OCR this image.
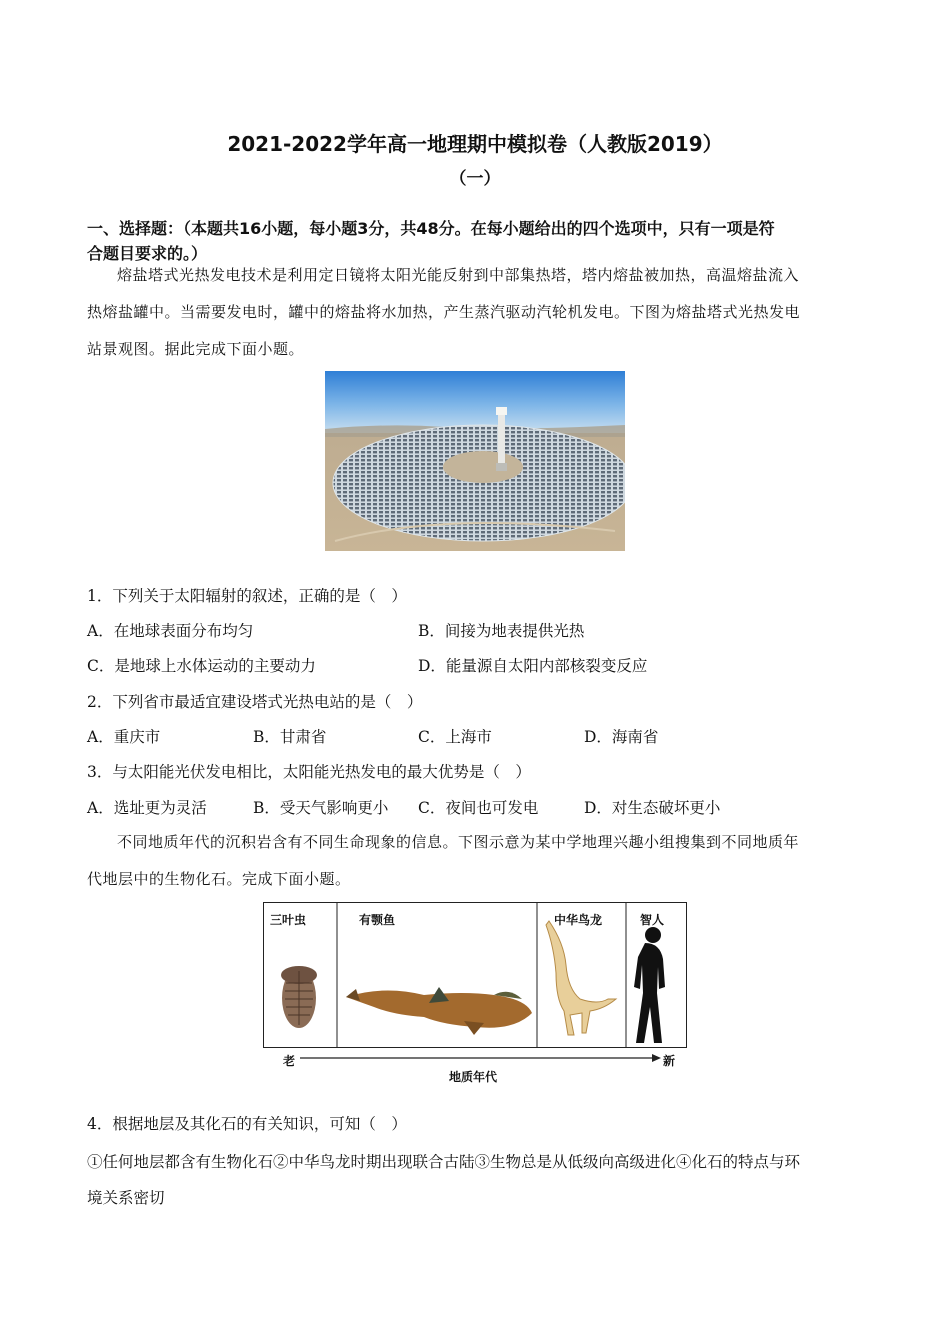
2021-2022学年高一地理期中模拟卷（人教版2019）
（一）
一、选择题：（本题共16小题，每小题3分，共48分。在每小题给出的四个选项中，只有一项是符
合题目要求的。）
熔盐塔式光热发电技术是利用定日镜将太阳光能反射到中部集热塔，塔内熔盐被加热，高温熔盐流入
热熔盐罐中。当需要发电时，罐中的熔盐将水加热，产生蒸汽驱动汽轮机发电。下图为熔盐塔式光热发电
站景观图。据此完成下面小题。
1．下列关于太阳辐射的叙述，正确的是（　）
A．在地球表面分布均匀	B．间接为地表提供光热
C．是地球上水体运动的主要动力	D．能量源自太阳内部核裂变反应
2．下列省市最适宜建设塔式光热电站的是（　）
A．重庆市	B．甘肃省	C．上海市	D．海南省
3．与太阳能光伏发电相比，太阳能光热发电的最大优势是（　）
A．选址更为灵活	B．受天气影响更小 C．夜间也可发电	D．对生态破坏更小
不同地质年代的沉积岩含有不同生命现象的信息。下图示意为某中学地理兴趣小组搜集到不同地质年
代地层中的生物化石。完成下面小题。
三叶虫	有颚鱼	中华鸟龙	智人
老	新
地质年代
4．根据地层及其化石的有关知识，可知（　）
①任何地层都含有生物化石②中华鸟龙时期出现联合古陆③生物总是从低级向高级进化④化石的特点与环
境关系密切
